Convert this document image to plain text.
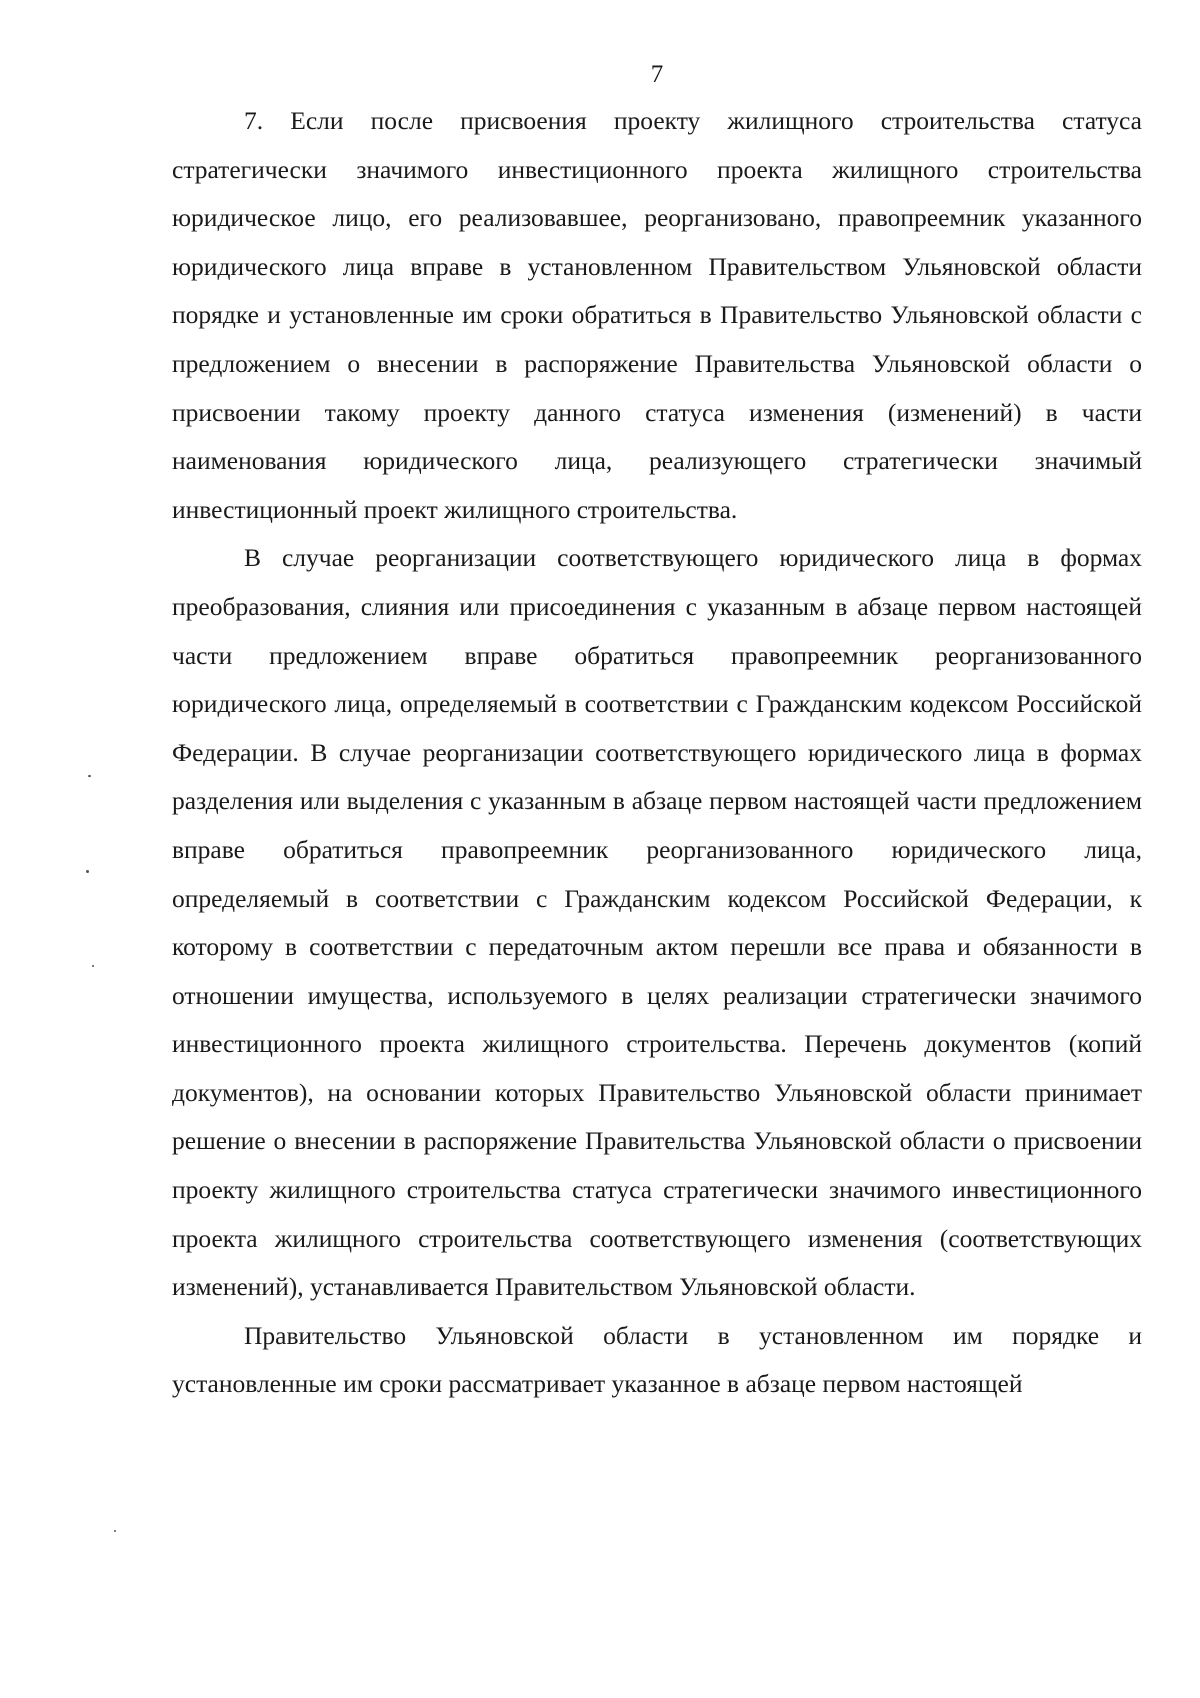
7

7. Если после присвоения проекту жилищного строительства статуса стратегически значимого инвестиционного проекта жилищного строительства юридическое лицо, его реализовавшее, реорганизовано, правопреемник указанного юридического лица вправе в установленном Правительством Ульяновской области порядке и установленные им сроки обратиться в Правительство Ульяновской области с предложением о внесении в распоряжение Правительства Ульяновской области о присвоении такому проекту данного статуса изменения (изменений) в части наименования юридического лица, реализующего стратегически значимый инвестиционный проект жилищного строительства.

В случае реорганизации соответствующего юридического лица в формах преобразования, слияния или присоединения с указанным в абзаце первом настоящей части предложением вправе обратиться правопреемник реорганизованного юридического лица, определяемый в соответствии с Гражданским кодексом Российской Федерации. В случае реорганизации соответствующего юридического лица в формах разделения или выделения с указанным в абзаце первом настоящей части предложением вправе обратиться правопреемник реорганизованного юридического лица, определяемый в соответствии с Гражданским кодексом Российской Федерации, к которому в соответствии с передаточным актом перешли все права и обязанности в отношении имущества, используемого в целях реализации стратегически значимого инвестиционного проекта жилищного строительства. Перечень документов (копий документов), на основании которых Правительство Ульяновской области принимает решение о внесении в распоряжение Правительства Ульяновской области о присвоении проекту жилищного строительства статуса стратегически значимого инвестиционного проекта жилищного строительства соответствующего изменения (соответствующих изменений), устанавливается Правительством Ульяновской области.

Правительство Ульяновской области в установленном им порядке и установленные им сроки рассматривает указанное в абзаце первом настоящей
